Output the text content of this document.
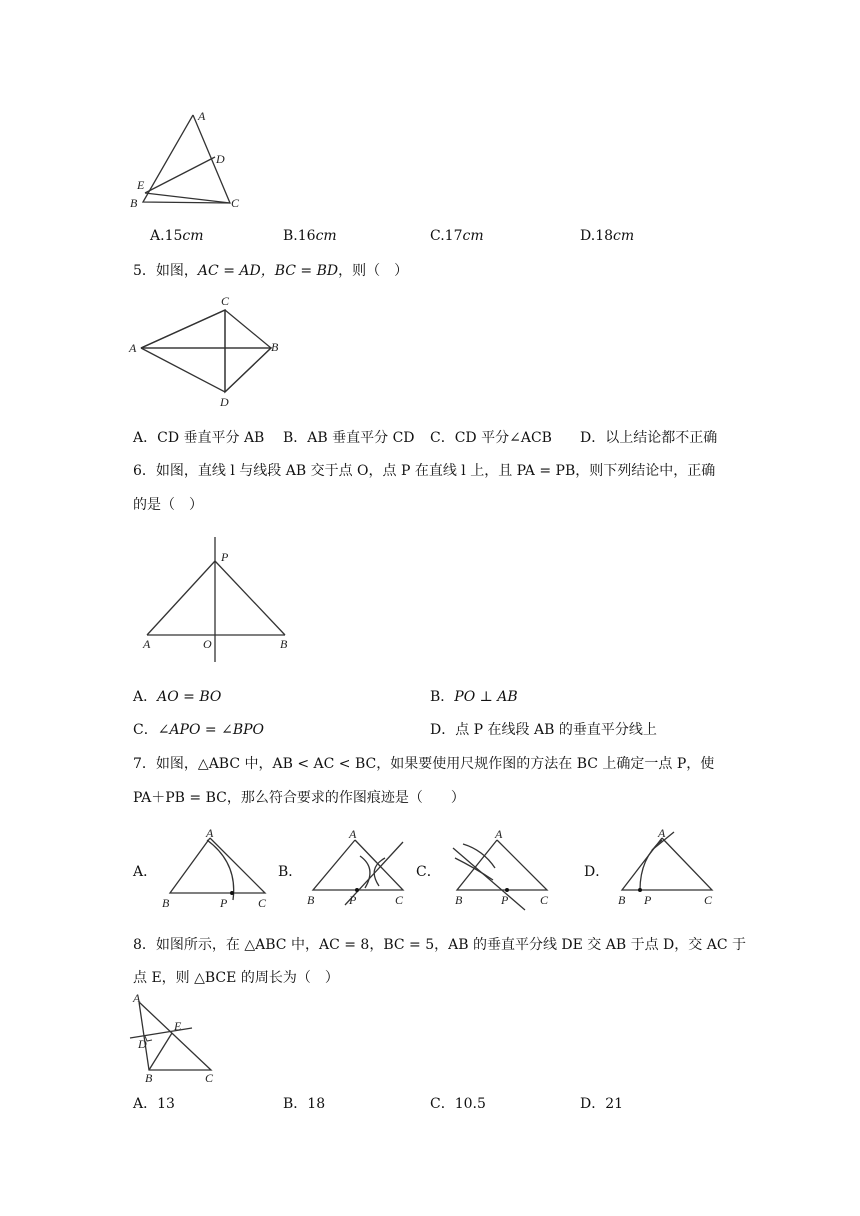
A
D
E
B	C
A.15cm	B.16cm	C.17cm	D.18cm
5．如图，AC = AD，BC = BD，则（　）
C
A	B
D
A．CD 垂直平分 AB B．AB 垂直平分 CD C．CD 平分∠ACB D．以上结论都不正确
6．如图，直线 l 与线段 AB 交于点 O，点 P 在直线 l 上，且 PA = PB，则下列结论中，正确
的是（　）
P
A	O	B
A．AO = BO	B．PO ⊥ AB
C．∠APO = ∠BPO	D．点 P 在线段 AB 的垂直平分线上
7．如图，△ABC 中，AB < AC < BC，如果要使用尺规作图的方法在 BC 上确定一点 P，使
PA＋PB = BC，那么符合要求的作图痕迹是（　　）
A．
A
B	P	C
B．
A
B	P	C
C．
A
B	P	C
D．
A
B P	C
8．如图所示，在 △ABC 中，AC = 8，BC = 5，AB 的垂直平分线 DE 交 AB 于点 D，交 AC 于
点 E，则 △BCE 的周长为（　）
A
E
D
B	C
A．13	B．18	C．10.5	D．21
